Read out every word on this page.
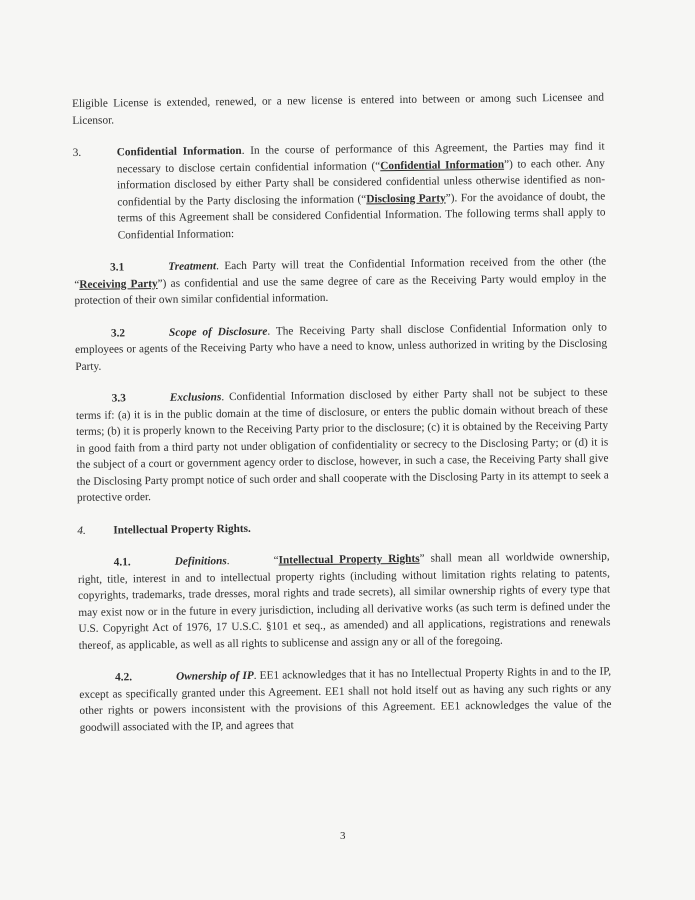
Eligible License is extended, renewed, or a new license is entered into between or among such Licensee and Licensor.

3.	Confidential Information. In the course of performance of this Agreement, the Parties may find it necessary to disclose certain confidential information (“Confidential Information”) to each other. Any information disclosed by either Party shall be considered confidential unless otherwise identified as non-confidential by the Party disclosing the information (“Disclosing Party”). For the avoidance of doubt, the terms of this Agreement shall be considered Confidential Information. The following terms shall apply to Confidential Information:

3.1	Treatment. Each Party will treat the Confidential Information received from the other (the “Receiving Party”) as confidential and use the same degree of care as the Receiving Party would employ in the protection of their own similar confidential information.

3.2	Scope of Disclosure. The Receiving Party shall disclose Confidential Information only to employees or agents of the Receiving Party who have a need to know, unless authorized in writing by the Disclosing Party.

3.3	Exclusions. Confidential Information disclosed by either Party shall not be subject to these terms if: (a) it is in the public domain at the time of disclosure, or enters the public domain without breach of these terms; (b) it is properly known to the Receiving Party prior to the disclosure; (c) it is obtained by the Receiving Party in good faith from a third party not under obligation of confidentiality or secrecy to the Disclosing Party; or (d) it is the subject of a court or government agency order to disclose, however, in such a case, the Receiving Party shall give the Disclosing Party prompt notice of such order and shall cooperate with the Disclosing Party in its attempt to seek a protective order.

4. Intellectual Property Rights.

4.1.	Definitions.	“Intellectual Property Rights” shall mean all worldwide ownership, right, title, interest in and to intellectual property rights (including without limitation rights relating to patents, copyrights, trademarks, trade dresses, moral rights and trade secrets), all similar ownership rights of every type that may exist now or in the future in every jurisdiction, including all derivative works (as such term is defined under the U.S. Copyright Act of 1976, 17 U.S.C. §101 et seq., as amended) and all applications, registrations and renewals thereof, as applicable, as well as all rights to sublicense and assign any or all of the foregoing.

4.2.	Ownership of IP. EE1 acknowledges that it has no Intellectual Property Rights in and to the IP, except as specifically granted under this Agreement. EE1 shall not hold itself out as having any such rights or any other rights or powers inconsistent with the provisions of this Agreement. EE1 acknowledges the value of the goodwill associated with the IP, and agrees that

3
